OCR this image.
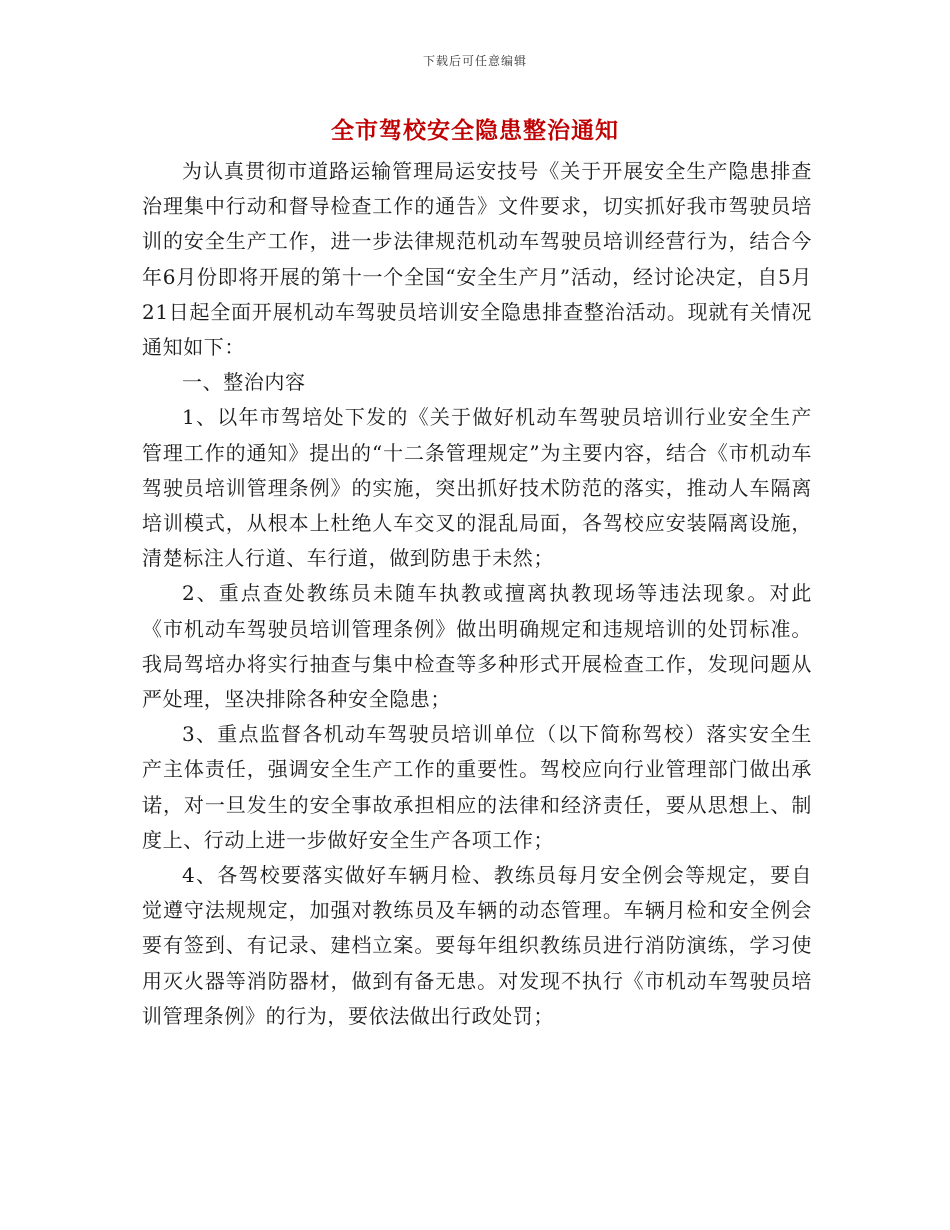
下载后可任意编辑
全市驾校安全隐患整治通知

为认真贯彻市道路运输管理局运安技号《关于开展安全生产隐患排查治理集中行动和督导检查工作的通告》文件要求，切实抓好我市驾驶员培训的安全生产工作，进一步法律规范机动车驾驶员培训经营行为，结合今年6月份即将开展的第十一个全国“安全生产月”活动，经讨论决定，自5月21日起全面开展机动车驾驶员培训安全隐患排查整治活动。现就有关情况通知如下：

一、整治内容

1、以年市驾培处下发的《关于做好机动车驾驶员培训行业安全生产管理工作的通知》提出的“十二条管理规定”为主要内容，结合《市机动车驾驶员培训管理条例》的实施，突出抓好技术防范的落实，推动人车隔离培训模式，从根本上杜绝人车交叉的混乱局面，各驾校应安装隔离设施，清楚标注人行道、车行道，做到防患于未然；

2、重点查处教练员未随车执教或擅离执教现场等违法现象。对此《市机动车驾驶员培训管理条例》做出明确规定和违规培训的处罚标准。我局驾培办将实行抽查与集中检查等多种形式开展检查工作，发现问题从严处理，坚决排除各种安全隐患；

3、重点监督各机动车驾驶员培训单位（以下简称驾校）落实安全生产主体责任，强调安全生产工作的重要性。驾校应向行业管理部门做出承诺，对一旦发生的安全事故承担相应的法律和经济责任，要从思想上、制度上、行动上进一步做好安全生产各项工作；

4、各驾校要落实做好车辆月检、教练员每月安全例会等规定，要自觉遵守法规规定，加强对教练员及车辆的动态管理。车辆月检和安全例会要有签到、有记录、建档立案。要每年组织教练员进行消防演练，学习使用灭火器等消防器材，做到有备无患。对发现不执行《市机动车驾驶员培训管理条例》的行为，要依法做出行政处罚；
